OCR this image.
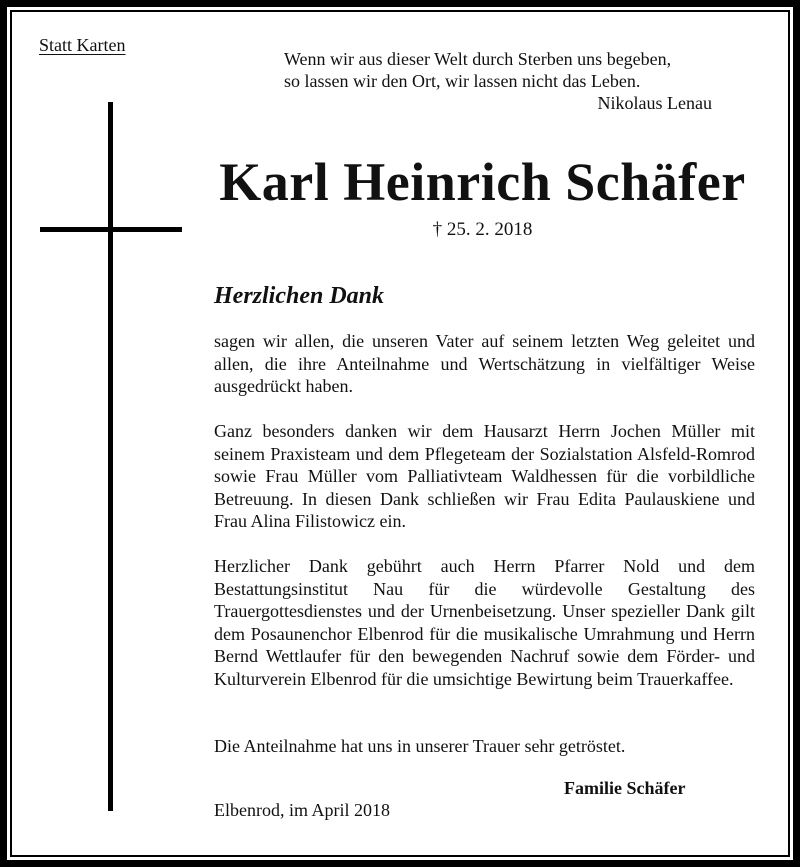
Statt Karten
Wenn wir aus dieser Welt durch Sterben uns begeben,
so lassen wir den Ort, wir lassen nicht das Leben.
Nikolaus Lenau
Karl Heinrich Schäfer
† 25. 2. 2018
Herzlichen Dank
sagen wir allen, die unseren Vater auf seinem letzten Weg geleitet und allen, die ihre Anteilnahme und Wertschätzung in vielfältiger Weise ausgedrückt haben.
Ganz besonders danken wir dem Hausarzt Herrn Jochen Müller mit seinem Praxisteam und dem Pflegeteam der Sozialstation Alsfeld-Romrod sowie Frau Müller vom Palliativteam Waldhessen für die vorbildliche Betreuung. In diesen Dank schließen wir Frau Edita Paulauskiene und Frau Alina Filistowicz ein.
Herzlicher Dank gebührt auch Herrn Pfarrer Nold und dem Bestattungsinstitut Nau für die würdevolle Gestaltung des Trauergottesdienstes und der Urnenbeisetzung. Unser spezieller Dank gilt dem Posaunenchor Elbenrod für die musikalische Umrahmung und Herrn Bernd Wettlaufer für den bewegenden Nachruf sowie dem Förder- und Kulturverein Elbenrod für die umsichtige Bewirtung beim Trauerkaffee.
Die Anteilnahme hat uns in unserer Trauer sehr getröstet.
Familie Schäfer
Elbenrod, im April 2018
